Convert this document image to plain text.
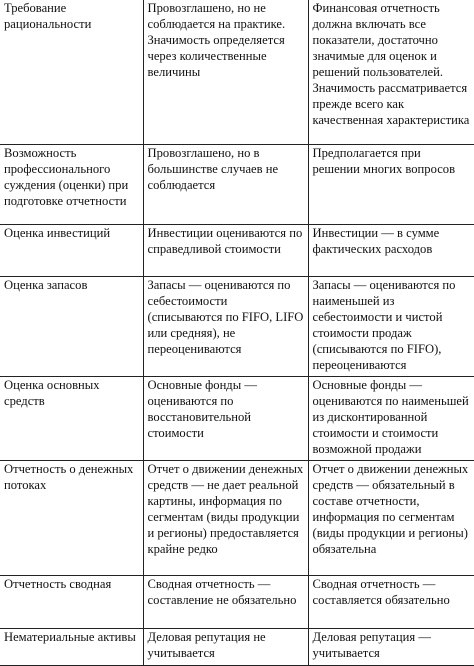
Требование рациональности	Провозглашено, но не соблюдается на практике. Значимость определяется через количественные величины	Финансовая отчетность должна включать все показатели, достаточно значимые для оценок и решений пользователей. Значимость рассматривается прежде всего как качественная характеристика

Возможность профессионального суждения (оценки) при подготовке отчетности	Провозглашено, но в большинстве случаев не соблюдается	Предполагается при решении многих вопросов

Оценка инвестиций	Инвестиции оцениваются по справедливой стоимости	Инвестиции — в сумме фактических расходов

Оценка запасов	Запасы — оцениваются по себестоимости (списываются по FIFO, LIFO или средняя), не переоцениваются	Запасы — оцениваются по наименьшей из себестоимости и чистой стоимости продаж (списываются по FIFO), переоцениваются

Оценка основных средств	Основные фонды — оцениваются по восстановительной стоимости	Основные фонды — оцениваются по наименьшей из дисконтированной стоимости и стоимости возможной продажи

Отчетность о денежных потоках	Отчет о движении денежных средств — не дает реальной картины, информация по сегментам (виды продукции и регионы) предоставляется крайне редко	Отчет о движении денежных средств — обязательный в составе отчетности, информация по сегментам (виды продукции и регионы) обязательна

Отчетность сводная	Сводная отчетность — составление не обязательно	Сводная отчетность — составляется обязательно

Нематериальные активы	Деловая репутация не учитывается	Деловая репутация — учитывается
